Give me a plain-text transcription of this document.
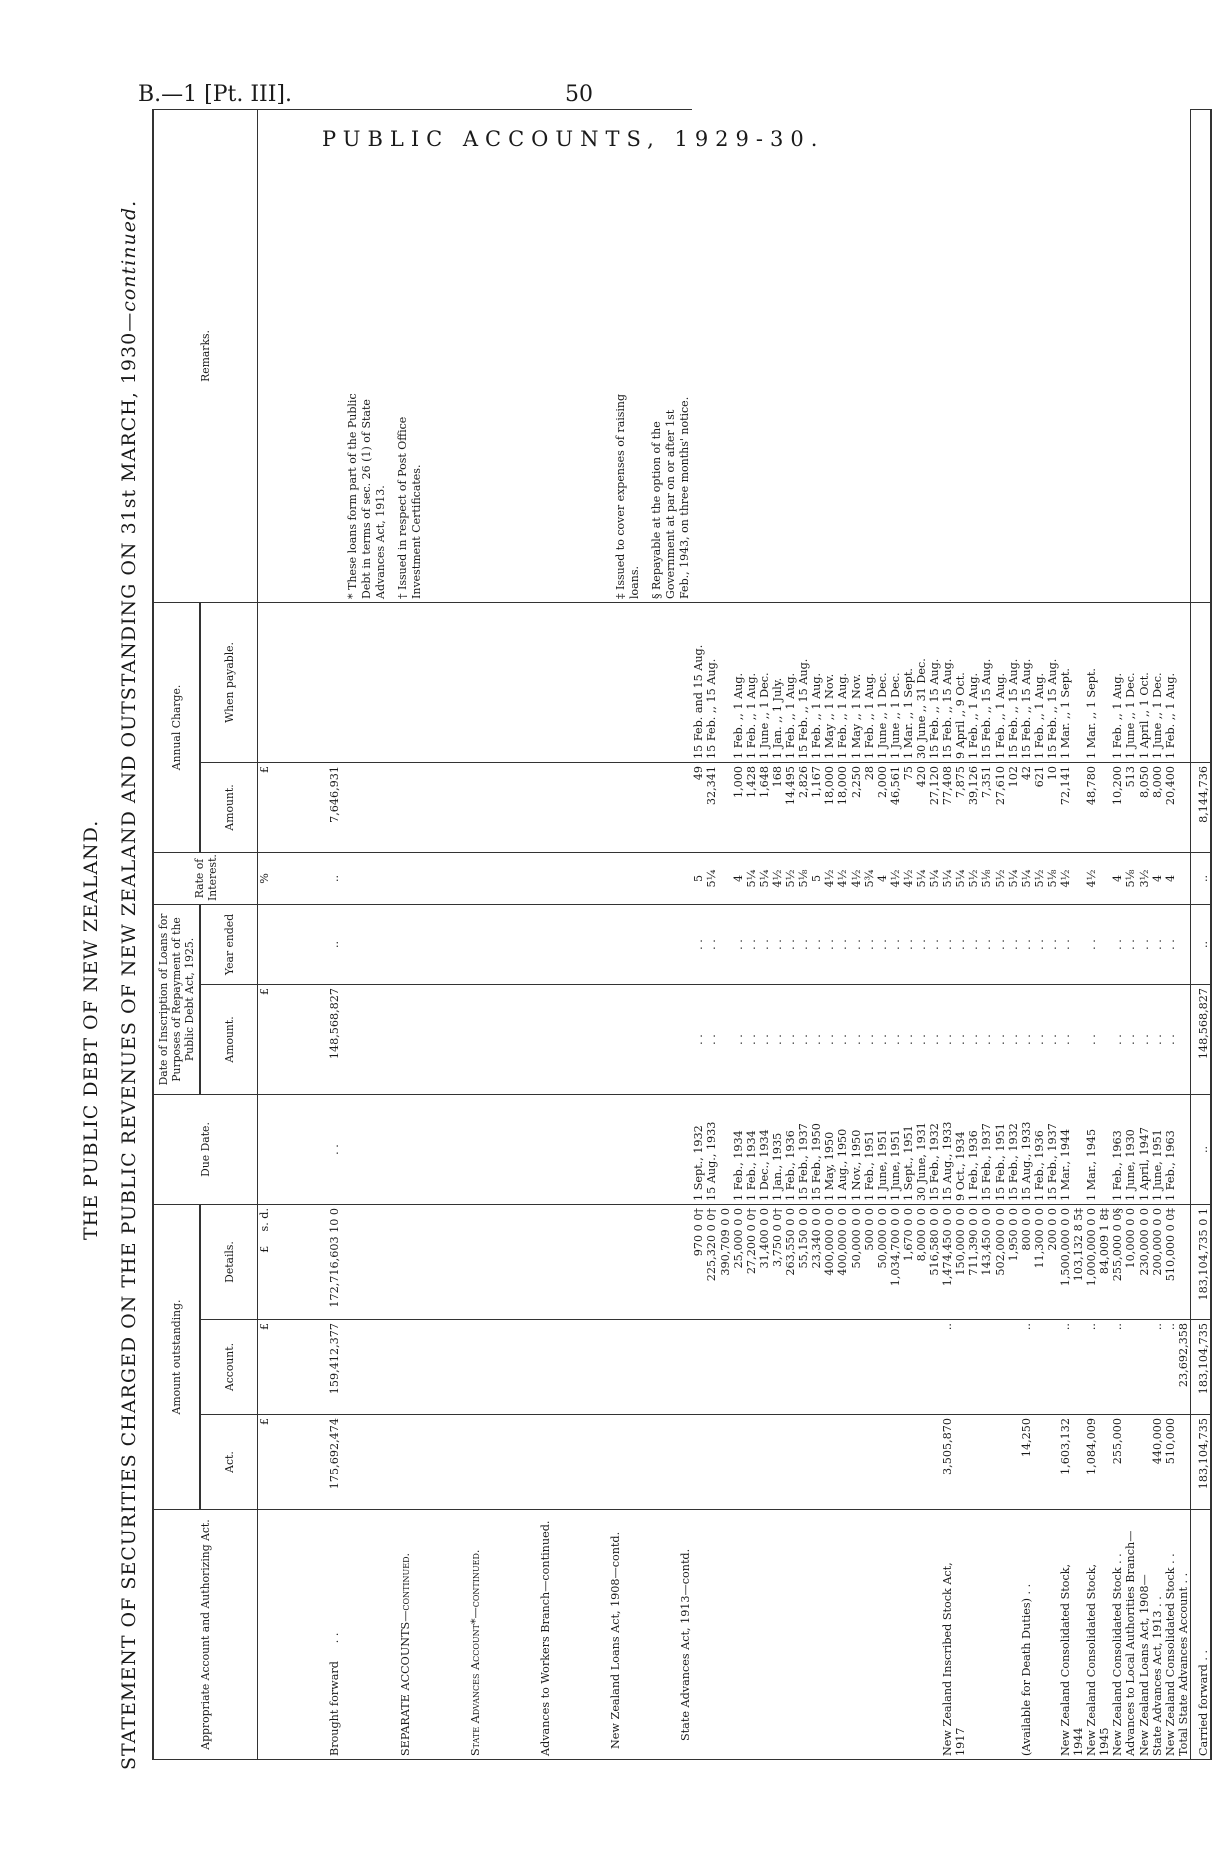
B.—1 [Pt. III].	50
PUBLIC ACCOUNTS, 1929-30.
THE PUBLIC DEBT OF NEW ZEALAND. STATEMENT OF SECURITIES CHARGED ON THE PUBLIC REVENUES OF NEW ZEALAND AND OUTSTANDING ON 31st MARCH, 1930—continued.
Appropriate Account and Authorizing Act.	Amount outstanding.			Due Date.	Date of Inscription of Loans for Purposes of Repayment of the Public Debt Act, 1925.		Rate of Interest.	Annual Charge.		Remarks.
	Act.	Account.	Details.		Amount.	Year ended		Amount.	When payable.	
	£	£	£    s. d.		£		%	£		
Brought forward     . .	175,692,474	159,412,377	172,716,603 10 0	. .	148,568,827	..	..	7,646,931		* These loans form part of the Public Debt in terms of sec. 26 (1) of State Advances Act, 1913. † Issued in respect of Post Office Investment Certificates. ‡ Issued to cover expenses of raising loans. § Repayable at the option of the Government at par on or after 1st Feb., 1943, on three months' notice.

SEPARATE ACCOUNTS—continued.										
State Advances Account*—continued.										
Advances to Workers Branch—continued.										
New Zealand Loans Act, 1908—contd.										
State Advances Act, 1913—contd.										
			970 0 0†	1 Sept., 1932	. .	. .	5	49	15 Feb. and 15 Aug.	
			225,320 0 0†	15 Aug., 1933	. .	. .	5¼	32,341	15 Feb. ,, 15 Aug.	
			390,709 0 0							
			25,000 0 0	1 Feb., 1934	. .	. .	4	1,000	1 Feb. ,, 1 Aug.	
			27,200 0 0†	1 Feb., 1934	. .	. .	5¼	1,428	1 Feb. ,, 1 Aug.	
			31,400 0 0	1 Dec., 1934	. .	. .	5¼	1,648	1 June ,, 1 Dec.	
			3,750 0 0†	1 Jan., 1935	. .	. .	4½	168	1 Jan. ,, 1 July.	
			263,550 0 0	1 Feb., 1936	. .	. .	5½	14,495	1 Feb. ,, 1 Aug.	
			55,150 0 0	15 Feb., 1937	. .	. .	5⅛	2,826	15 Feb. ,, 15 Aug.	
			23,340 0 0	15 Feb., 1950	. .	. .	5	1,167	1 Feb. ,, 1 Aug.	
			400,000 0 0	1 May, 1950	. .	. .	4½	18,000	1 May ,, 1 Nov.	
			400,000 0 0	1 Aug., 1950	. .	. .	4½	18,000	1 Feb. ,, 1 Aug.	
			50,000 0 0	1 Nov., 1950	. .	. .	4½	2,250	1 May ,, 1 Nov.	
			500 0 0	1 Feb., 1951	. .	. .	5¾	28	1 Feb. ,, 1 Aug.	
			50,000 0 0	1 June, 1951	. .	. .	4	2,000	1 June ,, 1 Dec.	
			1,034,700 0 0	1 June, 1951	. .	. .	4½	46,561	1 June ,, 1 Dec.	
			1,670 0 0	1 Sept., 1951	. .	. .	4½	75	1 Mar. ,, 1 Sept.	
			8,000 0 0	30 June, 1931	. .	. .	5¼	420	30 June ,, 31 Dec.	
			516,580 0 0	15 Feb., 1932	. .	. .	5¼	27,120	15 Feb. ,, 15 Aug.	
New Zealand Inscribed Stock Act,	3,505,870	..	1,474,450 0 0	15 Aug., 1933	. .	. .	5¼	77,408	15 Feb. ,, 15 Aug.	
1917			150,000 0 0	9 Oct., 1934	. .	. .	5¼	7,875	9 April ,, 9 Oct.	
			711,390 0 0	1 Feb., 1936	. .	. .	5½	39,126	1 Feb. ,, 1 Aug.	
			143,450 0 0	15 Feb., 1937	. .	. .	5⅛	7,351	15 Feb. ,, 15 Aug.	
			502,000 0 0	15 Feb., 1951	. .	. .	5½	27,610	1 Feb. ,, 1 Aug.	
			1,950 0 0	15 Feb., 1932	. .	. .	5¼	102	15 Feb. ,, 15 Aug.	
(Available for Death Duties) . .	14,250	..	800 0 0	15 Aug., 1933	. .	. .	5¼	42	15 Feb. ,, 15 Aug.	
			11,300 0 0	1 Feb., 1936	. .	. .	5½	621	1 Feb. ,, 1 Aug.	
			200 0 0	15 Feb., 1937	. .	. .	5⅛	10	15 Feb. ,, 15 Aug.	
New Zealand Consolidated Stock,	1,603,132	..	1,500,000 0 0	1 Mar., 1944	. .	. .	4½	72,141	1 Mar. ,, 1 Sept.	
1944			103,132 8 5‡							
New Zealand Consolidated Stock,	1,084,009	..	1,000,000 0 0	1 Mar., 1945	. .	. .	4½	48,780	1 Mar. ,, 1 Sept.	
1945			84,009 1 8‡							
New Zealand Consolidated Stock . .	255,000	..	255,000 0 0§	1 Feb., 1963	. .	. .	4	10,200	1 Feb. ,, 1 Aug.	
Advances to Local Authorities Branch—			10,000 0 0	1 June, 1930	. .	. .	5⅛	513	1 June ,, 1 Dec.	
New Zealand Loans Act, 1908—			230,000 0 0	1 April, 1947	. .	. .	3½	8,050	1 April ,, 1 Oct.	
State Advances Act, 1913 . .	440,000	..	200,000 0 0	1 June, 1951	. .	. .	4	8,000	1 June ,, 1 Dec.	
New Zealand Consolidated Stock . .	510,000	..	510,000 0 0‡	1 Feb., 1963	. .	. .	4	20,400	1 Feb. ,, 1 Aug.	
Total State Advances Account . .		23,692,358								
Carried forward . .	183,104,735	183,104,735	183,104,735 0 1	..	148,568,827	..	..	8,144,736		
